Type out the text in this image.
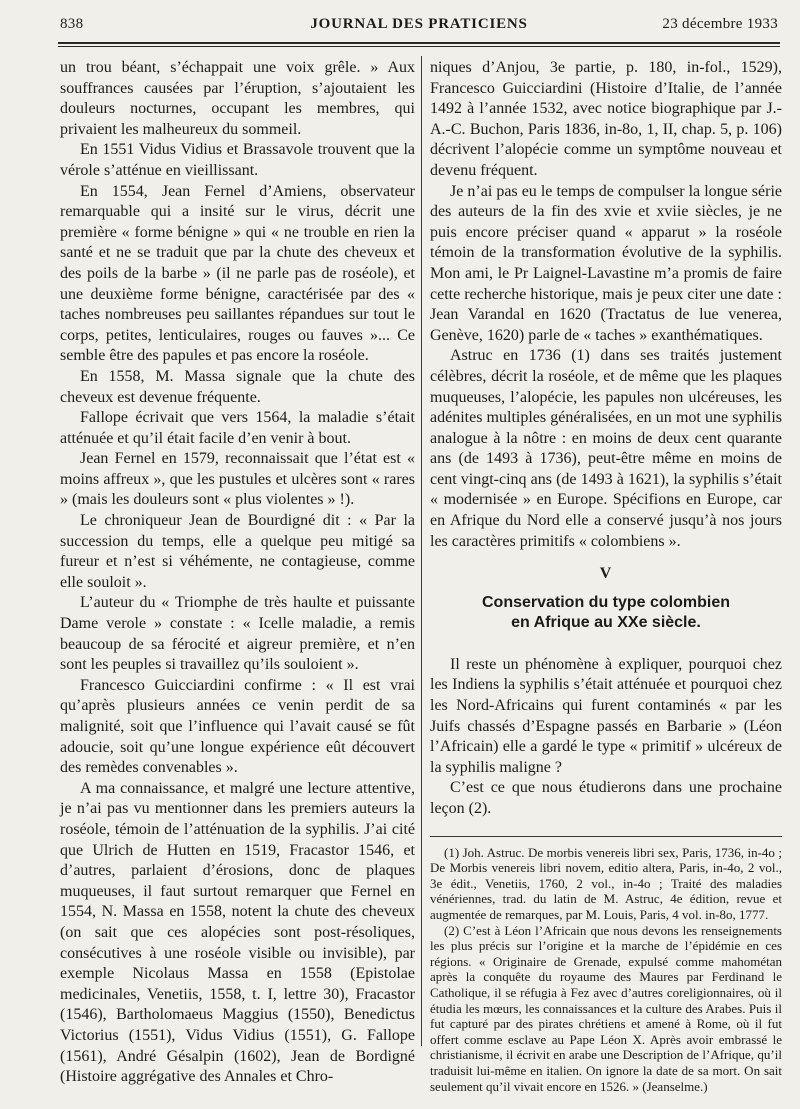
838	JOURNAL DES PRATICIENS	23 décembre 1933

un trou béant, s’échappait une voix grêle. » Aux souffrances causées par l’éruption, s’ajoutaient les douleurs nocturnes, occupant les membres, qui privaient les malheureux du sommeil.

En 1551 Vidus Vidius et Brassavole trouvent que la vérole s’atténue en vieillissant.

En 1554, Jean Fernel d’Amiens, observateur remarquable qui a insité sur le virus, décrit une première « forme bénigne » qui « ne trouble en rien la santé et ne se traduit que par la chute des cheveux et des poils de la barbe » (il ne parle pas de roséole), et une deuxième forme bénigne, caractérisée par des « taches nombreuses peu saillantes répandues sur tout le corps, petites, lenticulaires, rouges ou fauves »... Ce semble être des papules et pas encore la roséole.

En 1558, M. Massa signale que la chute des cheveux est devenue fréquente.

Fallope écrivait que vers 1564, la maladie s’était atténuée et qu’il était facile d’en venir à bout.

Jean Fernel en 1579, reconnaissait que l’état est « moins affreux », que les pustules et ulcères sont « rares » (mais les douleurs sont « plus violentes » !).

Le chroniqueur Jean de Bourdigné dit : « Par la succession du temps, elle a quelque peu mitigé sa fureur et n’est si véhémente, ne contagieuse, comme elle souloit ».

L’auteur du « Triomphe de très haulte et puissante Dame verole » constate : « Icelle maladie, a remis beaucoup de sa férocité et aigreur première, et n’en sont les peuples si travaillez qu’ils souloient ».

Francesco Guicciardini confirme : « Il est vrai qu’après plusieurs années ce venin perdit de sa malignité, soit que l’influence qui l’avait causé se fût adoucie, soit qu’une longue expérience eût découvert des remèdes convenables ».

A ma connaissance, et malgré une lecture attentive, je n’ai pas vu mentionner dans les premiers auteurs la roséole, témoin de l’atténuation de la syphilis. J’ai cité que Ulrich de Hutten en 1519, Fracastor 1546, et d’autres, parlaient d’érosions, donc de plaques muqueuses, il faut surtout remarquer que Fernel en 1554, N. Massa en 1558, notent la chute des cheveux (on sait que ces alopécies sont post-résoliques, consécutives à une roséole visible ou invisible), par exemple Nicolaus Massa en 1558 (Epistolae medicinales, Venetiis, 1558, t. I, lettre 30), Fracastor (1546), Bartholomaeus Maggius (1550), Benedictus Victorius (1551), Vidus Vidius (1551), G. Fallope (1561), André Gésalpin (1602), Jean de Bordigné (Histoire aggrégative des Annales et Chro-

niques d’Anjou, 3e partie, p. 180, in-fol., 1529), Francesco Guicciardini (Histoire d’Italie, de l’année 1492 à l’année 1532, avec notice biographique par J.-A.-C. Buchon, Paris 1836, in-8o, 1, II, chap. 5, p. 106) décrivent l’alopécie comme un symptôme nouveau et devenu fréquent.

Je n’ai pas eu le temps de compulser la longue série des auteurs de la fin des xvie et xviie siècles, je ne puis encore préciser quand « apparut » la roséole témoin de la transformation évolutive de la syphilis. Mon ami, le Pr Laignel-Lavastine m’a promis de faire cette recherche historique, mais je peux citer une date : Jean Varandal en 1620 (Tractatus de lue venerea, Genève, 1620) parle de « taches » exanthématiques.

Astruc en 1736 (1) dans ses traités justement célèbres, décrit la roséole, et de même que les plaques muqueuses, l’alopécie, les papules non ulcéreuses, les adénites multiples généralisées, en un mot une syphilis analogue à la nôtre : en moins de deux cent quarante ans (de 1493 à 1736), peut-être même en moins de cent vingt-cinq ans (de 1493 à 1621), la syphilis s’était « modernisée » en Europe. Spécifions en Europe, car en Afrique du Nord elle a conservé jusqu’à nos jours les caractères primitifs « colombiens ».

V
Conservation du type colombien
en Afrique au XXe siècle.

Il reste un phénomène à expliquer, pourquoi chez les Indiens la syphilis s’était atténuée et pourquoi chez les Nord-Africains qui furent contaminés « par les Juifs chassés d’Espagne passés en Barbarie » (Léon l’Africain) elle a gardé le type « primitif » ulcéreux de la syphilis maligne ?

C’est ce que nous étudierons dans une prochaine leçon (2).

(1) Joh. Astruc. De morbis venereis libri sex, Paris, 1736, in-4o ; De Morbis venereis libri novem, editio altera, Paris, in-4o, 2 vol., 3e édit., Venetiis, 1760, 2 vol., in-4o ; Traité des maladies vénériennes, trad. du latin de M. Astruc, 4e édition, revue et augmentée de remarques, par M. Louis, Paris, 4 vol. in-8o, 1777.

(2) C’est à Léon l’Africain que nous devons les renseignements les plus précis sur l’origine et la marche de l’épidémie en ces régions. « Originaire de Grenade, expulsé comme mahométan après la conquête du royaume des Maures par Ferdinand le Catholique, il se réfugia à Fez avec d’autres coreligionnaires, où il étudia les mœurs, les connaissances et la culture des Arabes. Puis il fut capturé par des pirates chrétiens et amené à Rome, où il fut offert comme esclave au Pape Léon X. Après avoir embrassé le christianisme, il écrivit en arabe une Description de l’Afrique, qu’il traduisit lui-même en italien. On ignore la date de sa mort. On sait seulement qu’il vivait encore en 1526. » (Jeanselme.)
